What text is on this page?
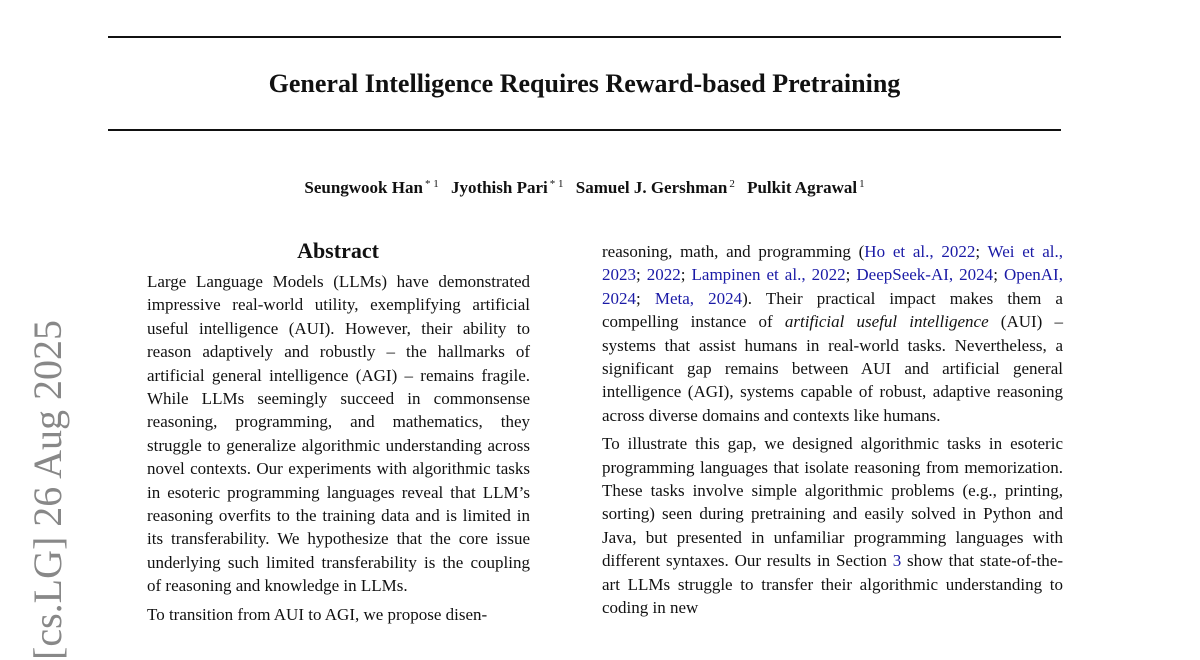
General Intelligence Requires Reward-based Pretraining
Seungwook Han $^{* 1}$ Jyothish Pari $^{* 1}$ Samuel J. Gershman $^2$ Pulkit Agrawal $^1$
[cs.LG] 26 Aug 2025
Abstract

Large Language Models (LLMs) have demonstrated impressive real-world utility, exemplifying artificial useful intelligence (AUI). However, their ability to reason adaptively and robustly – the hallmarks of artificial general intelligence (AGI) – remains fragile. While LLMs seemingly succeed in commonsense reasoning, programming, and mathematics, they struggle to generalize algorithmic understanding across novel contexts. Our experiments with algorithmic tasks in esoteric programming languages reveal that LLM’s reasoning overfits to the training data and is limited in its transferability. We hypothesize that the core issue underlying such limited transferability is the coupling of reasoning and knowledge in LLMs.

To transition from AUI to AGI, we propose disen-

reasoning, math, and programming (Ho et al., 2022; Wei et al., 2023; 2022; Lampinen et al., 2022; DeepSeek-AI, 2024; OpenAI, 2024; Meta, 2024). Their practical impact makes them a compelling instance of artificial useful intelligence (AUI) – systems that assist humans in real-world tasks. Nevertheless, a significant gap remains between AUI and artificial general intelligence (AGI), systems capable of robust, adaptive reasoning across diverse domains and contexts like humans.

To illustrate this gap, we designed algorithmic tasks in esoteric programming languages that isolate reasoning from memorization. These tasks involve simple algorithmic problems (e.g., printing, sorting) seen during pretraining and easily solved in Python and Java, but presented in unfamiliar programming languages with different syntaxes. Our results in Section 3 show that state-of-the-art LLMs struggle to transfer their algorithmic understanding to coding in new
